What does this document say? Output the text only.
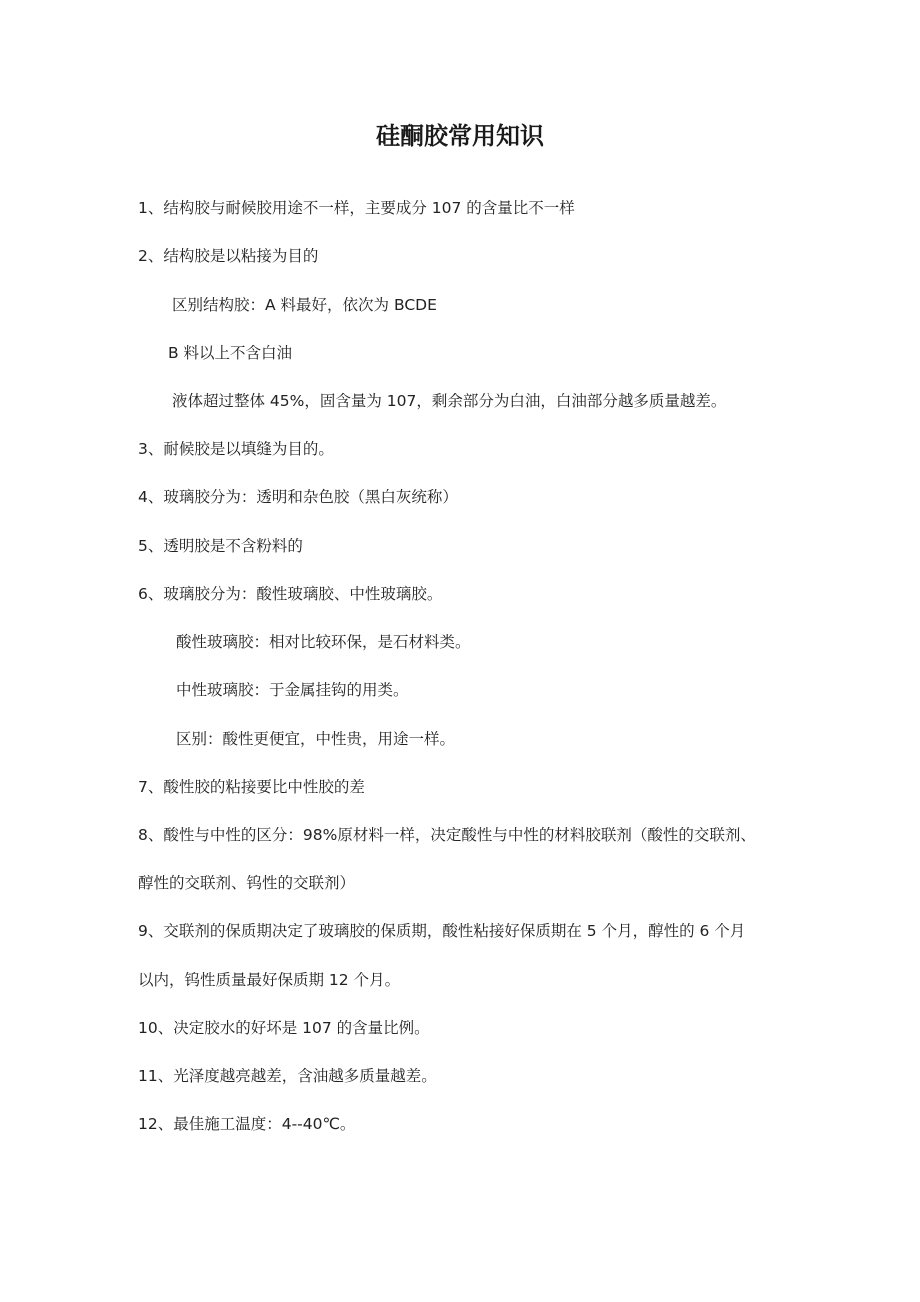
硅酮胶常用知识

1、结构胶与耐候胶用途不一样，主要成分 107 的含量比不一样

2、结构胶是以粘接为目的

区别结构胶：A 料最好，依次为 BCDE

B 料以上不含白油

液体超过整体 45%，固含量为 107，剩余部分为白油，白油部分越多质量越差。

3、耐候胶是以填缝为目的。

4、玻璃胶分为：透明和杂色胶（黑白灰统称）

5、透明胶是不含粉料的

6、玻璃胶分为：酸性玻璃胶、中性玻璃胶。

酸性玻璃胶：相对比较环保，是石材料类。

中性玻璃胶：于金属挂钩的用类。

区别：酸性更便宜，中性贵，用途一样。

7、酸性胶的粘接要比中性胶的差

8、酸性与中性的区分：98%原材料一样，决定酸性与中性的材料胶联剂（酸性的交联剂、

醇性的交联剂、钨性的交联剂）

9、交联剂的保质期决定了玻璃胶的保质期，酸性粘接好保质期在 5 个月，醇性的 6 个月

以内，钨性质量最好保质期 12 个月。

10、决定胶水的好坏是 107 的含量比例。

11、光泽度越亮越差，含油越多质量越差。

12、最佳施工温度：4--40℃。
